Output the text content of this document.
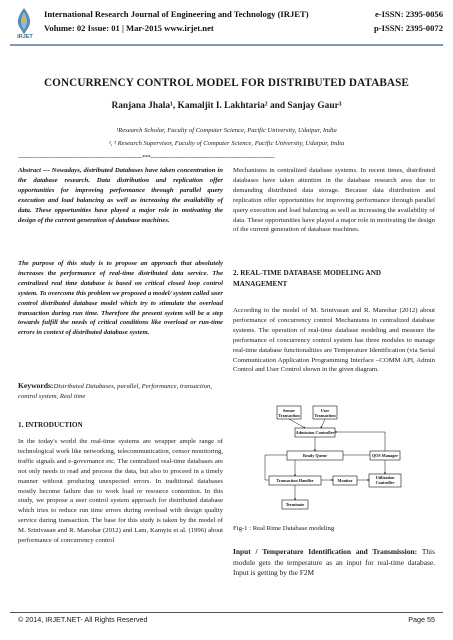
IRJET
International Research Journal of Engineering and Technology (IRJET)
Volume: 02 Issue: 01 | Mar-2015 www.irjet.net
e-ISSN: 2395-0056
p-ISSN: 2395-0072
CONCURRENCY CONTROL MODEL FOR DISTRIBUTED DATABASE
Ranjana Jhala¹, Kamaljit I. Lakhtaria² and Sanjay Gaur³
¹Research Scholar, Faculty of Computer Science, Pacific University, Udaipur, India
², ³ Research Supervisor, Faculty of Computer Science, Pacific University, Udaipur, India
---------------------------------------------------------------------***---------------------------------------------------------------------
Abstract --- Nowadays, distributed Databases have taken concentration in the database research. Data distribution and replication offer opportunities for improving performance through parallel query execution and load balancing as well as increasing the availability of data. These opportunities have played a major role in motivating the design of the current generation of database machines.
The purpose of this study is to propose an approach that absolutely increases the performance of real-time distributed data service. The centralized real time database is based on critical closed loop control system. To overcome this problem we proposed a model/ system called user control distributed database model which try to stimulate the overload transaction during run time. Therefore the present system will be a step towards fulfill the needs of critical conditions like overload or run-time errors in context of distributed database system.
Keywords:Distributed Databases, parallel, Performance, transaction, control system, Real time
1. INTRODUCTION
In the today's world the real-time systems are wrapper ample range of technological work like networking, telecommunication, censor monitoring, traffic signals and e-governance etc. The centralized real-time databases are not only needs to read and process the data, but also to proceed in a timely manner without producing unexpected errors. In traditional databases mostly become failure due to work load or resource contention. In this study, we propose a user control system approach for distributed database which tries to reduce run time errors during overload with design quality service during transaction. The base for this study is taken by the model of M. Srinivasan and R. Manohar (2012) and Lam, Kamyiu et al. (1996) about performance of concurrency control
Mechanisms in centralized database systems. In recent times, distributed databases have taken attention in the database research area due to demanding distributed data storage. Because data distribution and replication offer opportunities for improving performance through parallel query execution and load balancing as well as increasing the availability of data. These opportunities have played a major role in motivating the design of the current generation of database machines.
2. REAL-TIME DATABASE MODELING AND MANAGEMENT
According to the model of M. Srinivasan and R. Manohar (2012) about performance of concurrency control Mechanisms in centralized database systems. The operation of real-time database modeling and measure the performance of concurrency control system has three modules to manage real-time database functionalities are Temperature Identification (via Serial Communication Application Programming Interface –COMM API, Admin Control and User Control shown in the given diagram.
Sensor
Transaction
User
Transaction
Admission Controller
Ready Queue	QOS Manager
Transaction Handler	Monitor
Utilization
Controller
Terminate
Fig-1 : Real Rime Database modeling
Input / Temperature Identification and Transmission: This module gets the temperature as an input for real-time database. Input is getting by the F2M
© 2014, IRJET.NET- All Rights Reserved	Page 55
